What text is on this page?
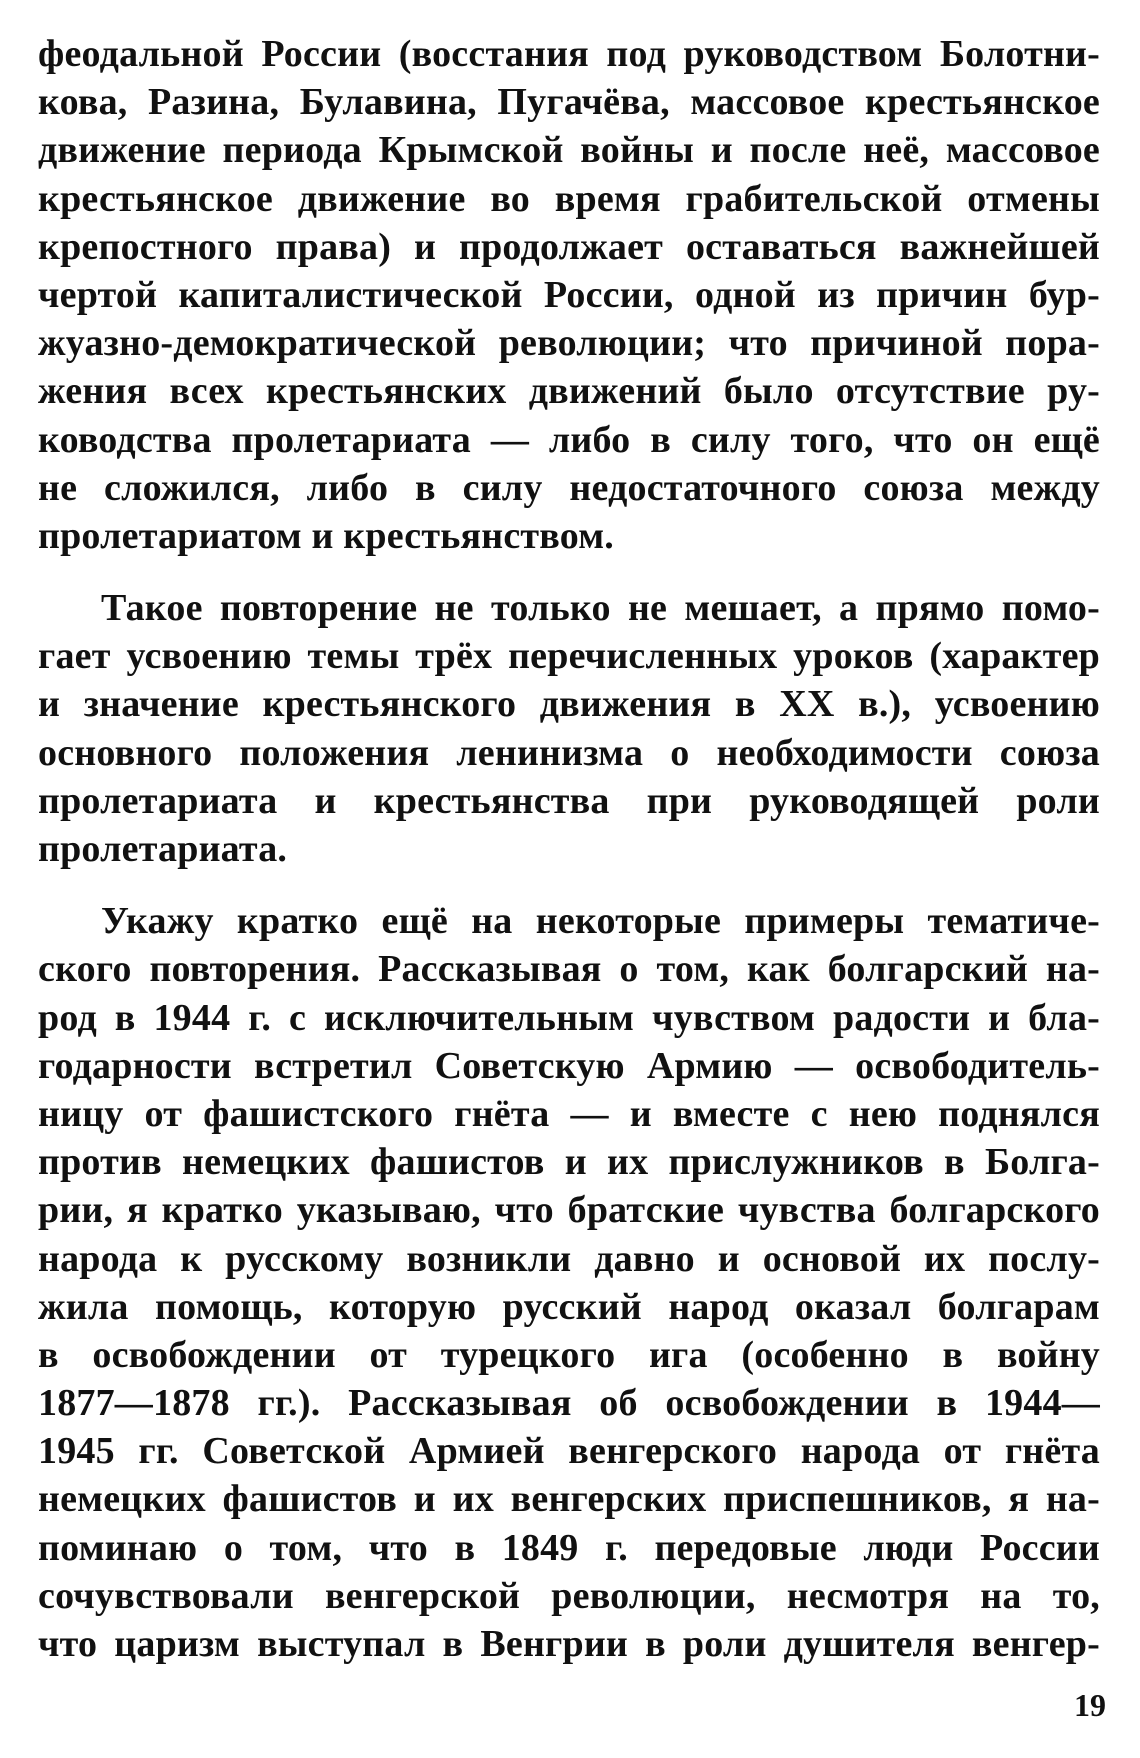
феодальной России (восстания под руководством Болотни-
кова, Разина, Булавина, Пугачёва, массовое крестьянское
движение периода Крымской войны и после неё, массовое
крестьянское движение во время грабительской отмены
крепостного права) и продолжает оставаться важнейшей
чертой капиталистической России, одной из причин бур-
жуазно-демократической революции; что причиной пора-
жения всех крестьянских движений было отсутствие ру-
ководства пролетариата — либо в силу того, что он ещё
не сложился, либо в силу недостаточного союза между
пролетариатом и крестьянством.
Такое повторение не только не мешает, а прямо помо-
гает усвоению темы трёх перечисленных уроков (характер
и значение крестьянского движения в XX в.), усвоению
основного положения ленинизма о необходимости союза
пролетариата и крестьянства при руководящей роли
пролетариата.
Укажу кратко ещё на некоторые примеры тематиче-
ского повторения. Рассказывая о том, как болгарский на-
род в 1944 г. с исключительным чувством радости и бла-
годарности встретил Советскую Армию — освободитель-
ницу от фашистского гнёта — и вместе с нею поднялся
против немецких фашистов и их прислужников в Болга-
рии, я кратко указываю, что братские чувства болгарского
народа к русскому возникли давно и основой их послу-
жила помощь, которую русский народ оказал болгарам
в освобождении от турецкого ига (особенно в войну
1877—1878 гг.). Рассказывая об освобождении в 1944—
1945 гг. Советской Армией венгерского народа от гнёта
немецких фашистов и их венгерских приспешников, я на-
поминаю о том, что в 1849 г. передовые люди России
сочувствовали венгерской революции, несмотря на то,
что царизм выступал в Венгрии в роли душителя венгер-
19
